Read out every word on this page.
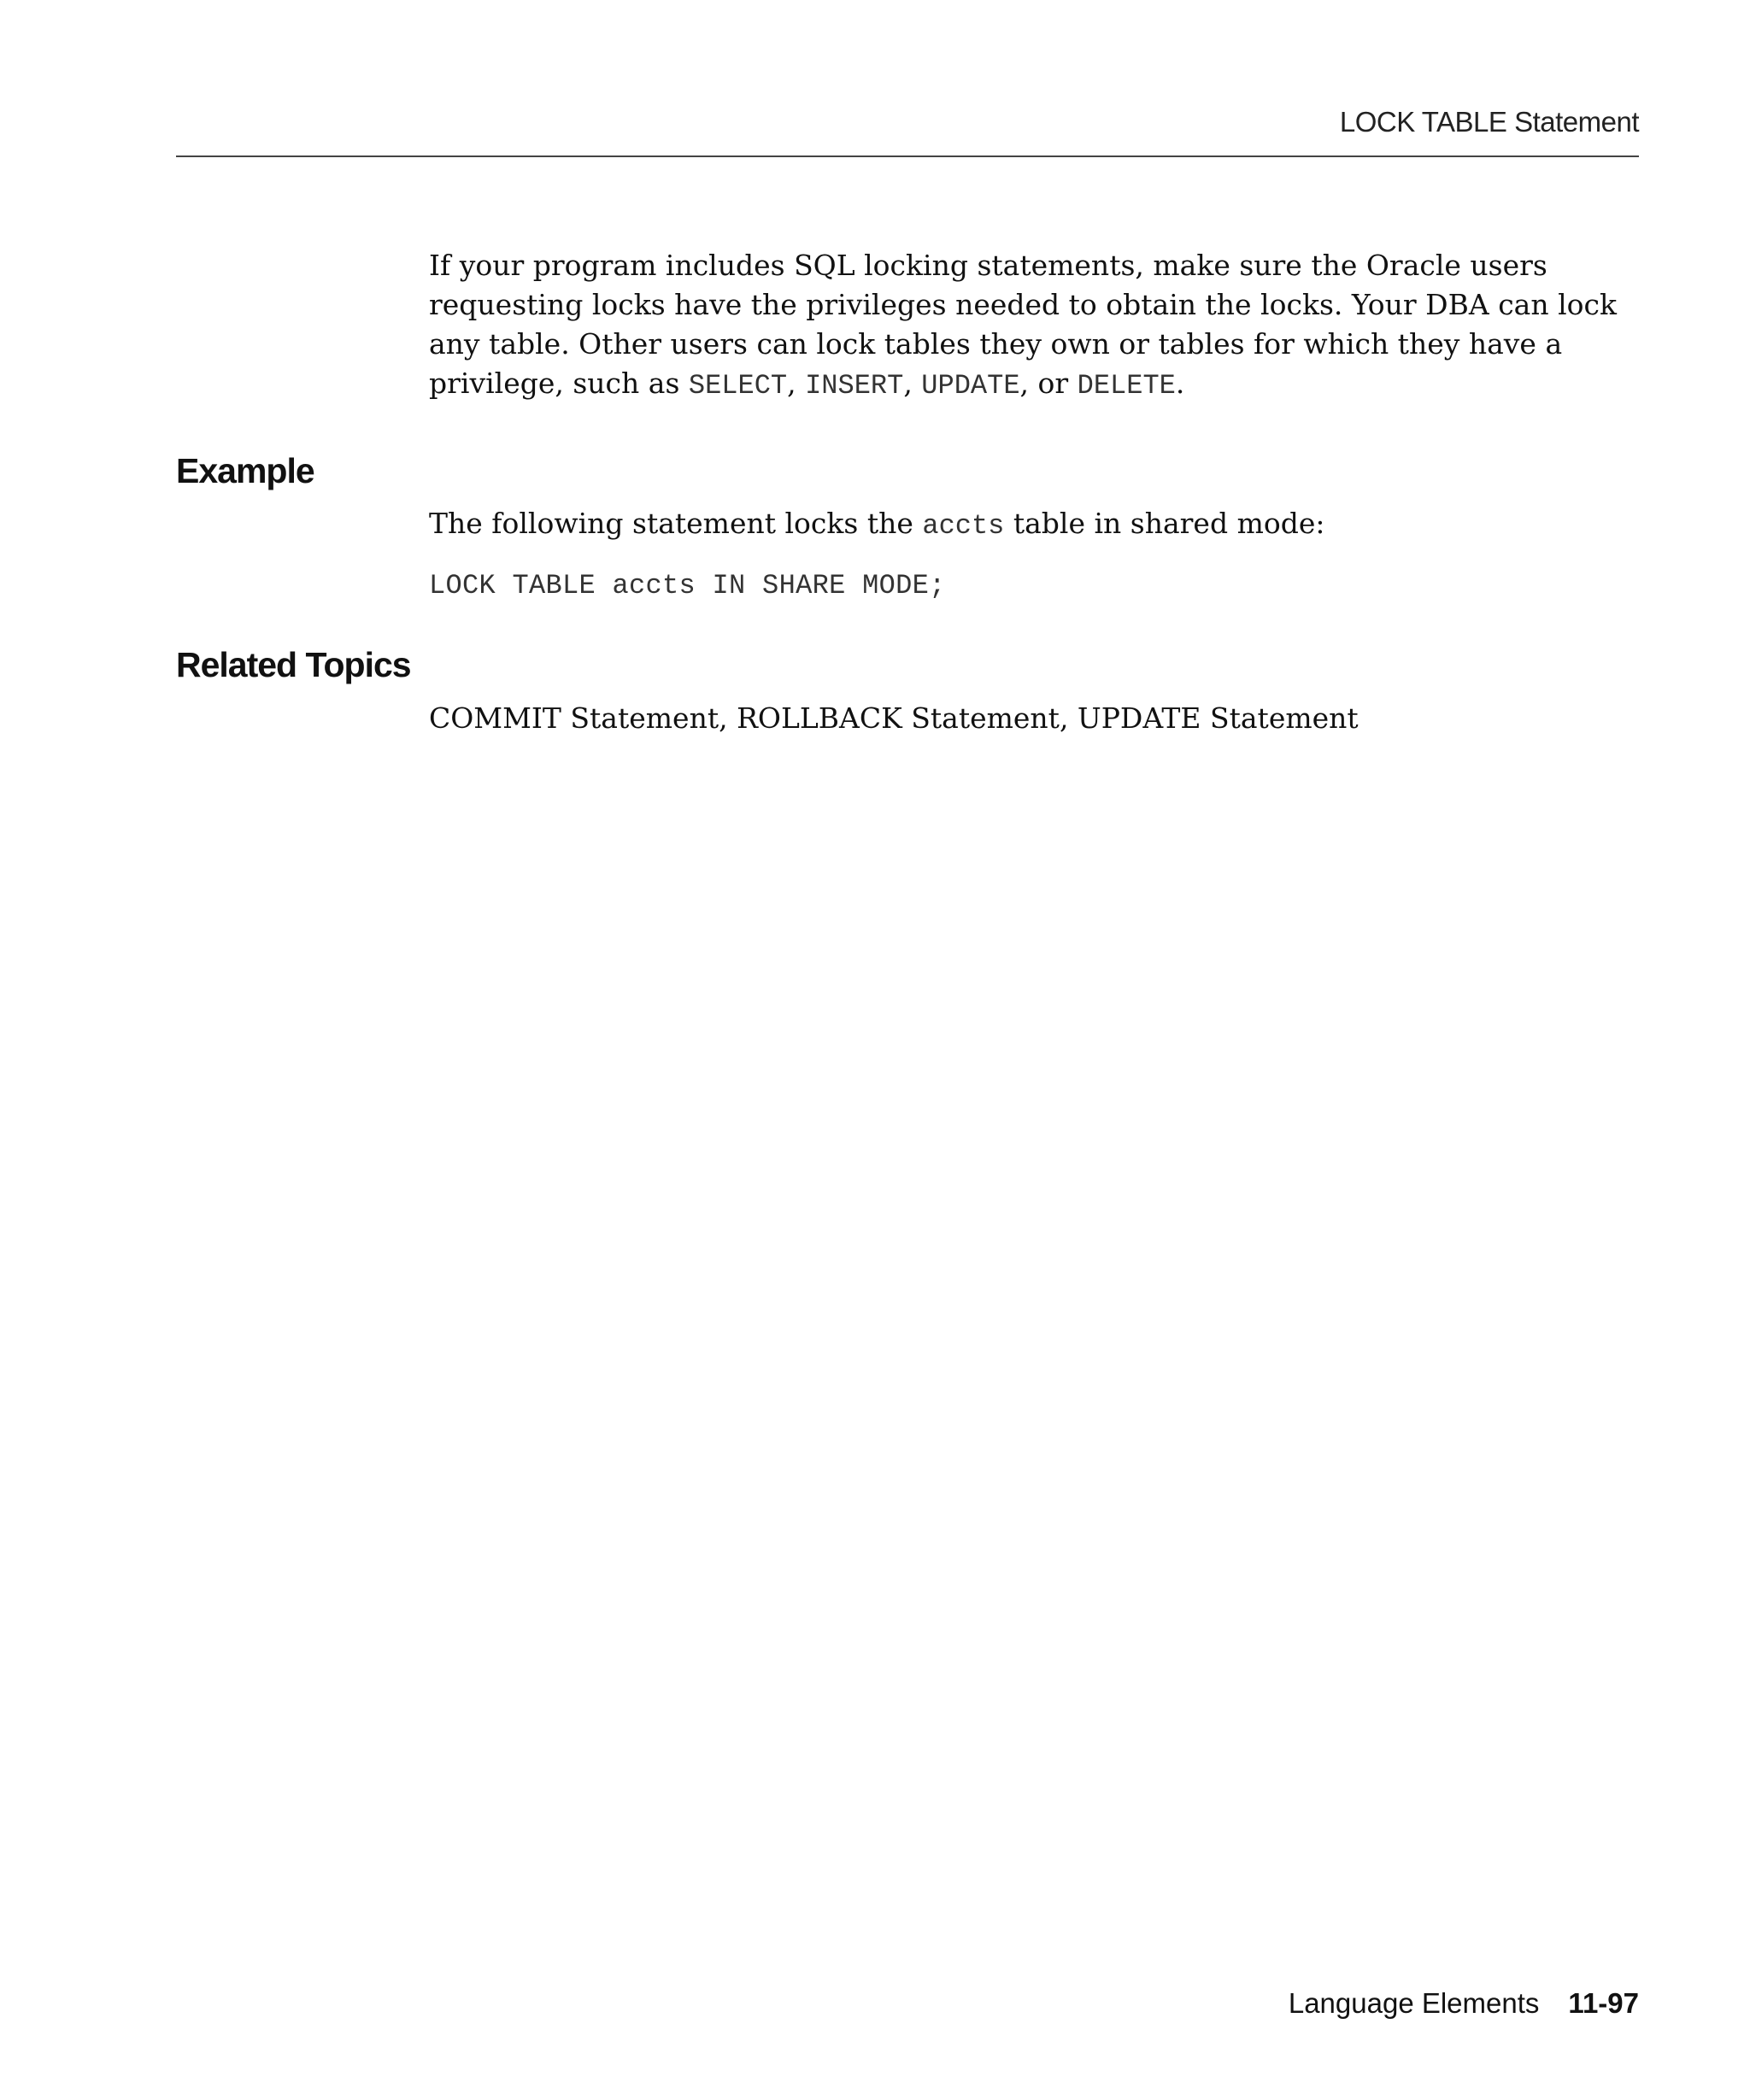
LOCK TABLE Statement

If your program includes SQL locking statements, make sure the Oracle users requesting locks have the privileges needed to obtain the locks. Your DBA can lock any table. Other users can lock tables they own or tables for which they have a privilege, such as SELECT, INSERT, UPDATE, or DELETE.

Example

The following statement locks the accts table in shared mode:

LOCK TABLE accts IN SHARE MODE;
Related Topics

COMMIT Statement, ROLLBACK Statement, UPDATE Statement

Language Elements 11-97
